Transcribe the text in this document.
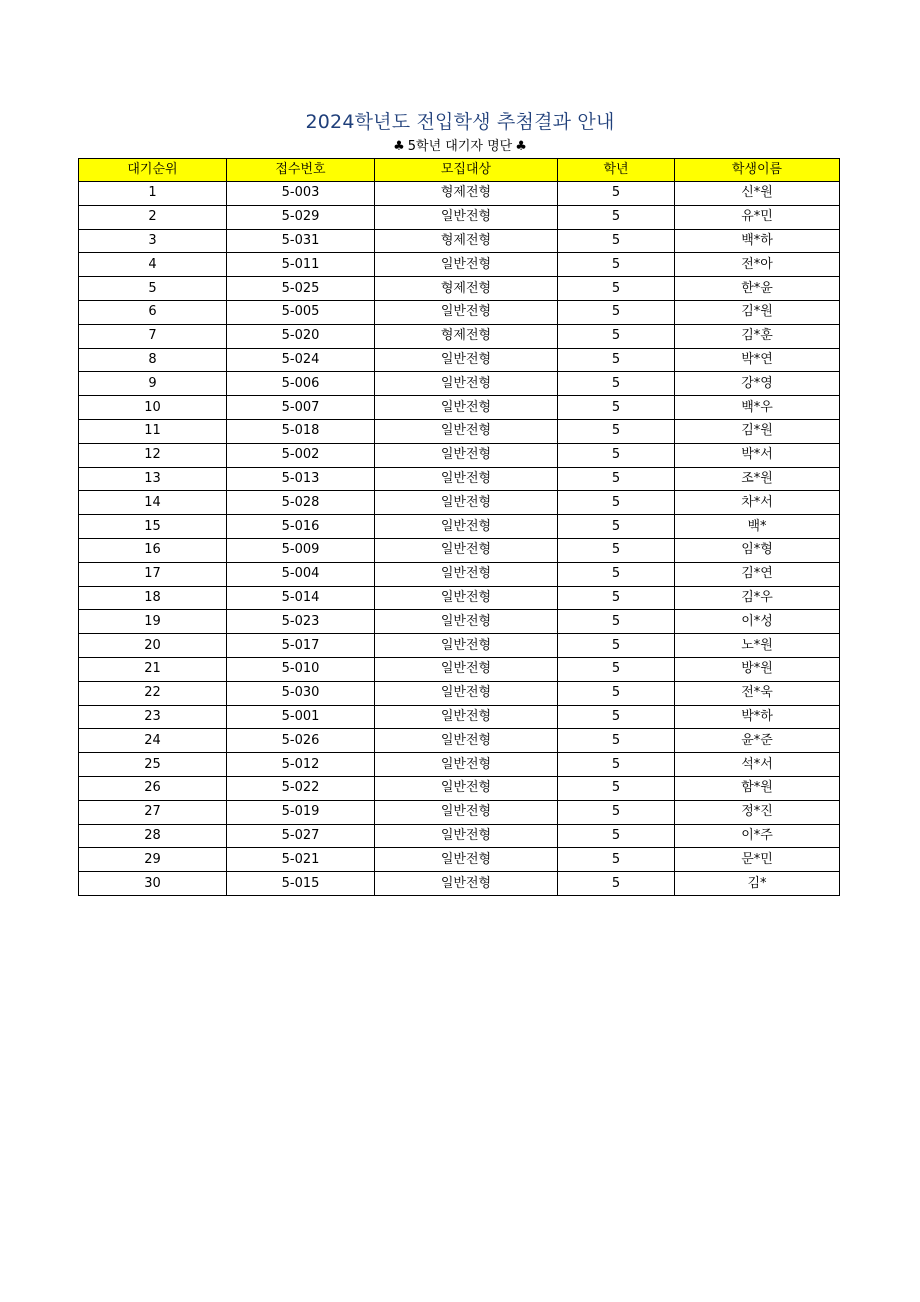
2024학년도 전입학생 추첨결과 안내
♣ 5학년 대기자 명단 ♣
대기순위	접수번호	모집대상	학년	학생이름
1	5-003	형제전형	5	신*원
2	5-029	일반전형	5	유*민
3	5-031	형제전형	5	백*하
4	5-011	일반전형	5	전*아
5	5-025	형제전형	5	한*윤
6	5-005	일반전형	5	김*원
7	5-020	형제전형	5	김*훈
8	5-024	일반전형	5	박*연
9	5-006	일반전형	5	강*영
10	5-007	일반전형	5	백*우
11	5-018	일반전형	5	김*원
12	5-002	일반전형	5	박*서
13	5-013	일반전형	5	조*원
14	5-028	일반전형	5	차*서
15	5-016	일반전형	5	백*
16	5-009	일반전형	5	임*형
17	5-004	일반전형	5	김*연
18	5-014	일반전형	5	김*우
19	5-023	일반전형	5	이*성
20	5-017	일반전형	5	노*원
21	5-010	일반전형	5	방*원
22	5-030	일반전형	5	전*욱
23	5-001	일반전형	5	박*하
24	5-026	일반전형	5	윤*준
25	5-012	일반전형	5	석*서
26	5-022	일반전형	5	함*원
27	5-019	일반전형	5	정*진
28	5-027	일반전형	5	이*주
29	5-021	일반전형	5	문*민
30	5-015	일반전형	5	김*
